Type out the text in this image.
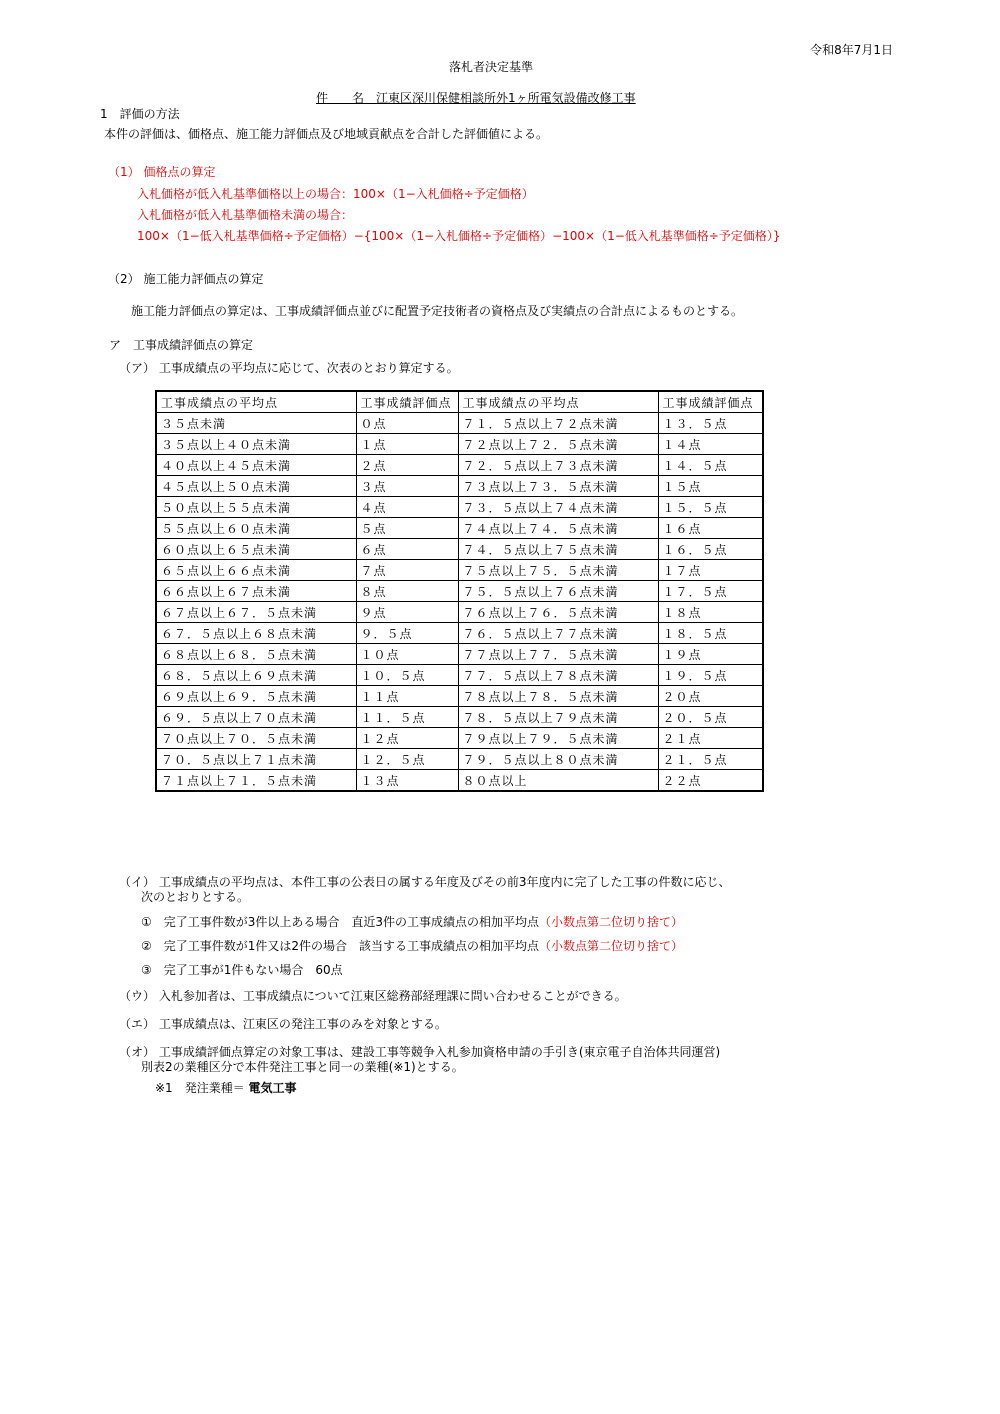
令和8年7月1日
落札者決定基準
件　　名　 江東区深川保健相談所外1ヶ所電気設備改修工事
1　評価の方法
本件の評価は、価格点、施工能力評価点及び地域貢献点を合計した評価値による。
（1） 価格点の算定
入札価格が低入札基準価格以上の場合：100×（1−入札価格÷予定価格）
入札価格が低入札基準価格未満の場合：
100×（1−低入札基準価格÷予定価格）−{100×（1−入札価格÷予定価格）−100×（1−低入札基準価格÷予定価格）}
（2） 施工能力評価点の算定
施工能力評価点の算定は、工事成績評価点並びに配置予定技術者の資格点及び実績点の合計点によるものとする。
ア　工事成績評価点の算定
（ア） 工事成績点の平均点に応じて、次表のとおり算定する。
工事成績点の平均点	工事成績評価点	工事成績点の平均点	工事成績評価点
３５点未満	０点	７１．５点以上７２点未満	１３．５点
３５点以上４０点未満	１点	７２点以上７２．５点未満	１４点
４０点以上４５点未満	２点	７２．５点以上７３点未満	１４．５点
４５点以上５０点未満	３点	７３点以上７３．５点未満	１５点
５０点以上５５点未満	４点	７３．５点以上７４点未満	１５．５点
５５点以上６０点未満	５点	７４点以上７４．５点未満	１６点
６０点以上６５点未満	６点	７４．５点以上７５点未満	１６．５点
６５点以上６６点未満	７点	７５点以上７５．５点未満	１７点
６６点以上６７点未満	８点	７５．５点以上７６点未満	１７．５点
６７点以上６７．５点未満	９点	７６点以上７６．５点未満	１８点
６７．５点以上６８点未満	９．５点	７６．５点以上７７点未満	１８．５点
６８点以上６８．５点未満	１０点	７７点以上７７．５点未満	１９点
６８．５点以上６９点未満	１０．５点	７７．５点以上７８点未満	１９．５点
６９点以上６９．５点未満	１１点	７８点以上７８．５点未満	２０点
６９．５点以上７０点未満	１１．５点	７８．５点以上７９点未満	２０．５点
７０点以上７０．５点未満	１２点	７９点以上７９．５点未満	２１点
７０．５点以上７１点未満	１２．５点	７９．５点以上８０点未満	２１．５点
７１点以上７１．５点未満	１３点	８０点以上	２２点
（イ） 工事成績点の平均点は、本件工事の公表日の属する年度及びその前3年度内に完了した工事の件数に応じ、
次のとおりとする。
①　完了工事件数が3件以上ある場合　直近3件の工事成績点の相加平均点（小数点第二位切り捨て）
②　完了工事件数が1件又は2件の場合　該当する工事成績点の相加平均点（小数点第二位切り捨て）
③　完了工事が1件もない場合　60点
（ウ） 入札参加者は、工事成績点について江東区総務部経理課に問い合わせることができる。
（エ） 工事成績点は、江東区の発注工事のみを対象とする。
（オ） 工事成績評価点算定の対象工事は、建設工事等競争入札参加資格申請の手引き(東京電子自治体共同運営)
別表2の業種区分で本件発注工事と同一の業種(※1)とする。
※1　発注業種＝ 電気工事
